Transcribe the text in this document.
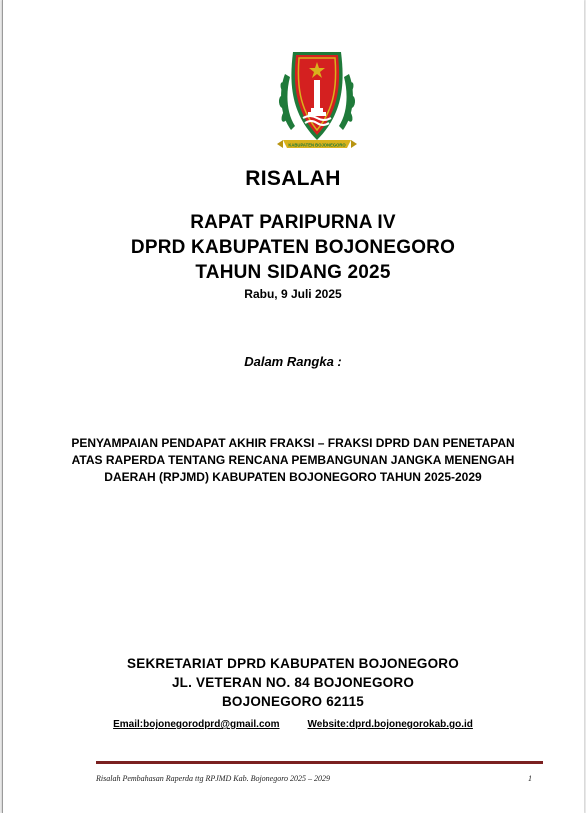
KABUPATEN BOJONEGORO
RISALAH
RAPAT PARIPURNA IV
DPRD KABUPATEN BOJONEGORO
TAHUN SIDANG 2025
Rabu, 9 Juli 2025
Dalam Rangka :
PENYAMPAIAN PENDAPAT AKHIR FRAKSI – FRAKSI DPRD DAN PENETAPAN
ATAS RAPERDA TENTANG RENCANA PEMBANGUNAN JANGKA MENENGAH
DAERAH (RPJMD) KABUPATEN BOJONEGORO TAHUN 2025-2029
SEKRETARIAT DPRD KABUPATEN BOJONEGORO
JL. VETERAN NO. 84 BOJONEGORO
BOJONEGORO 62115
Email:bojonegorodprd@gmail.com	Website:dprd.bojonegorokab.go.id
Risalah Pembahasan Raperda ttg RPJMD Kab. Bojonegoro 2025 – 2029	1
